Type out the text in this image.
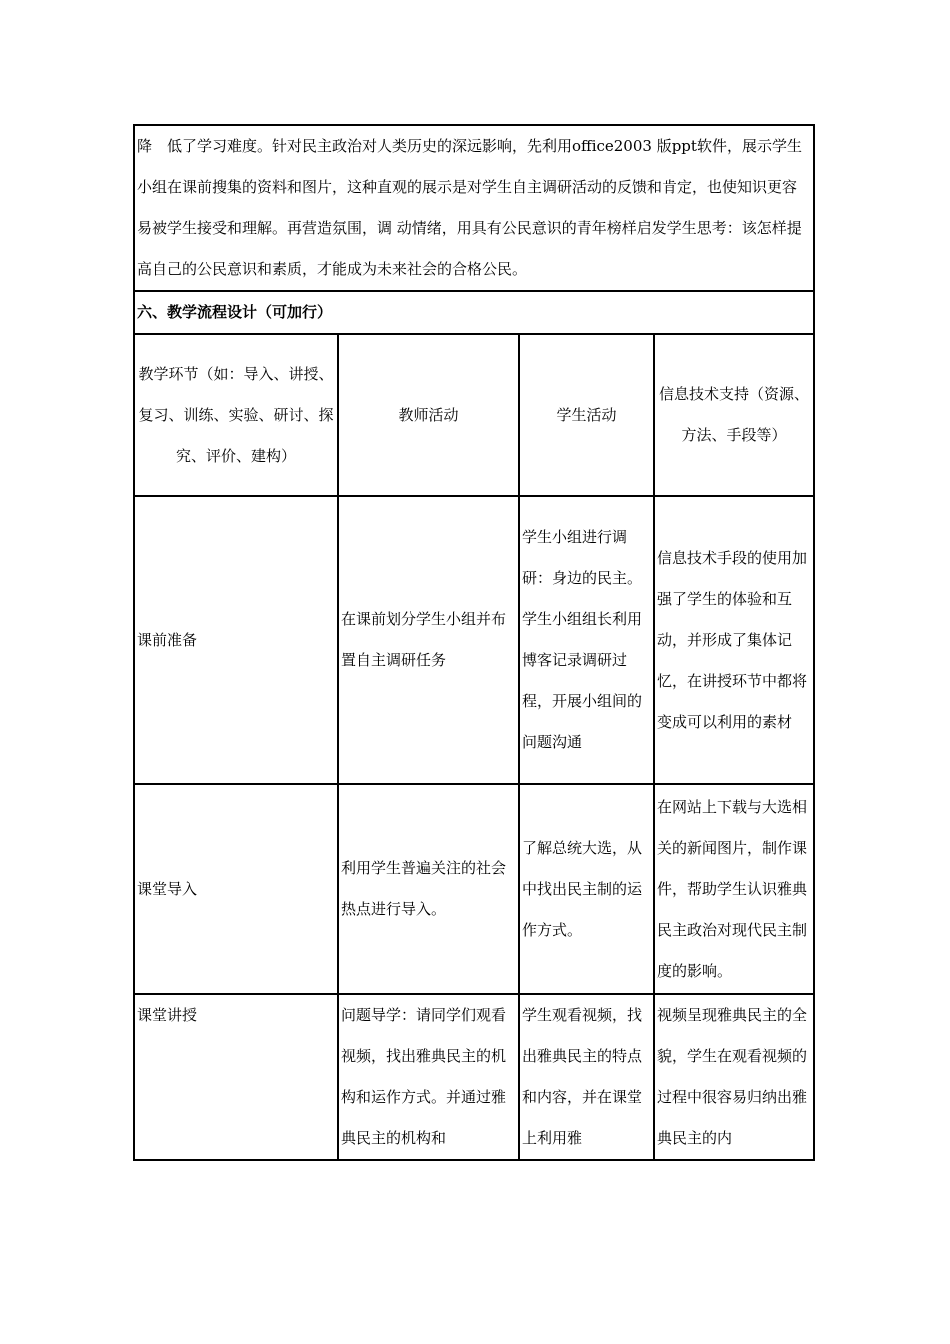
降　低了学习难度。针对民主政治对人类历史的深远影响，先利用office2003 版ppt软件，展示学生小组在课前搜集的资料和图片，这种直观的展示是对学生自主调研活动的反馈和肯定，也使知识更容易被学生接受和理解。再营造氛围，调 动情绪，用具有公民意识的青年榜样启发学生思考：该怎样提高自己的公民意识和素质，才能成为未来社会的合格公民。			
六、教学流程设计（可加行）			
教学环节（如：导入、讲授、复习、训练、实验、研讨、探究、评价、建构）	教师活动	学生活动	信息技术支持（资源、方法、手段等）
课前准备	在课前划分学生小组并布置自主调研任务	学生小组进行调研：身边的民主。学生小组组长利用博客记录调研过程，开展小组间的问题沟通	信息技术手段的使用加强了学生的体验和互动，并形成了集体记忆，在讲授环节中都将变成可以利用的素材
课堂导入	利用学生普遍关注的社会热点进行导入。	了解总统大选，从中找出民主制的运作方式。	在网站上下载与大选相关的新闻图片，制作课件，帮助学生认识雅典民主政治对现代民主制度的影响。
课堂讲授	问题导学：请同学们观看视频，找出雅典民主的机构和运作方式。并通过雅典民主的机构和	学生观看视频，找出雅典民主的特点和内容，并在课堂上利用雅	视频呈现雅典民主的全貌，学生在观看视频的过程中很容易归纳出雅典民主的内
